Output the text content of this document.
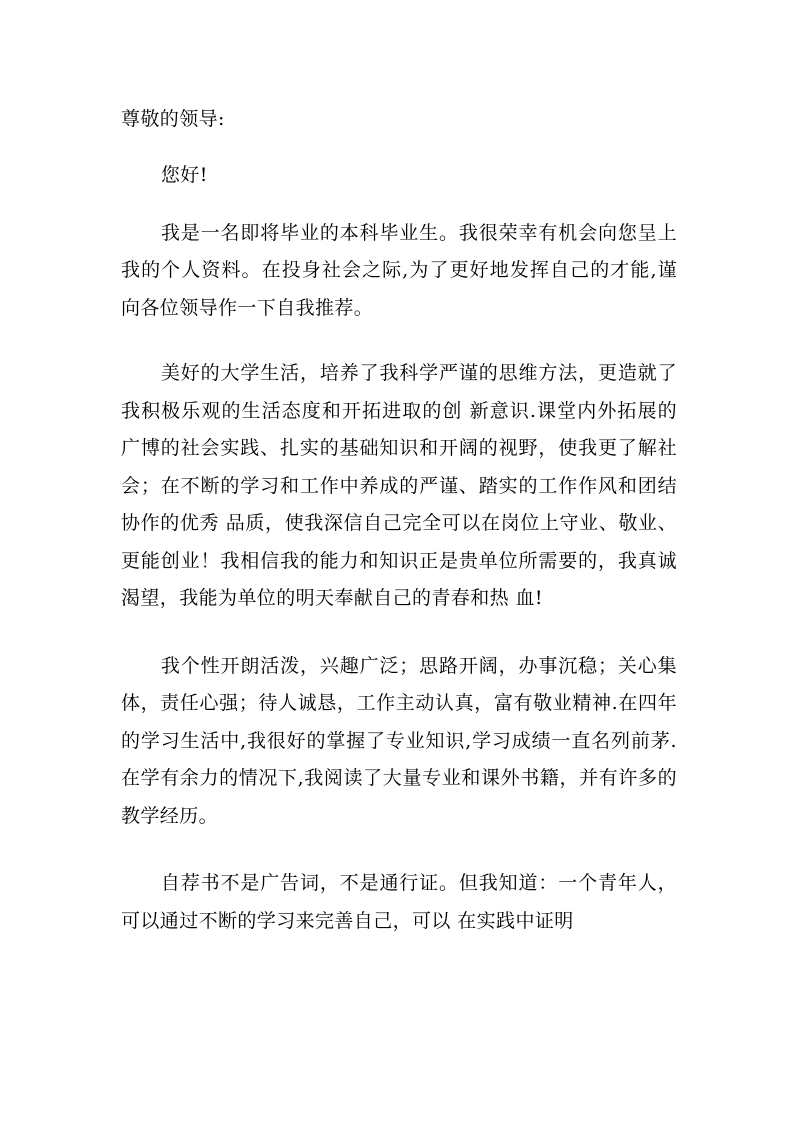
尊敬的领导:

您好!

我是一名即将毕业的本科毕业生。我很荣幸有机会向您呈上我的个人资料。在投身社会之际,为了更好地发挥自己的才能,谨向各位领导作一下自我推荐。

美好的大学生活，培养了我科学严谨的思维方法，更造就了我积极乐观的生活态度和开拓进取的创 新意识.课堂内外拓展的广博的社会实践、扎实的基础知识和开阔的视野，使我更了解社会；在不断的学习和工作中养成的严谨、踏实的工作作风和团结协作的优秀 品质，使我深信自己完全可以在岗位上守业、敬业、更能创业！我相信我的能力和知识正是贵单位所需要的，我真诚渴望，我能为单位的明天奉献自己的青春和热 血!

我个性开朗活泼，兴趣广泛；思路开阔，办事沉稳；关心集体，责任心强；待人诚恳，工作主动认真，富有敬业精神.在四年的学习生活中,我很好的掌握了专业知识,学习成绩一直名列前茅.在学有余力的情况下,我阅读了大量专业和课外书籍，并有许多的教学经历。

自荐书不是广告词，不是通行证。但我知道：一个青年人，可以通过不断的学习来完善自己，可以 在实践中证明
